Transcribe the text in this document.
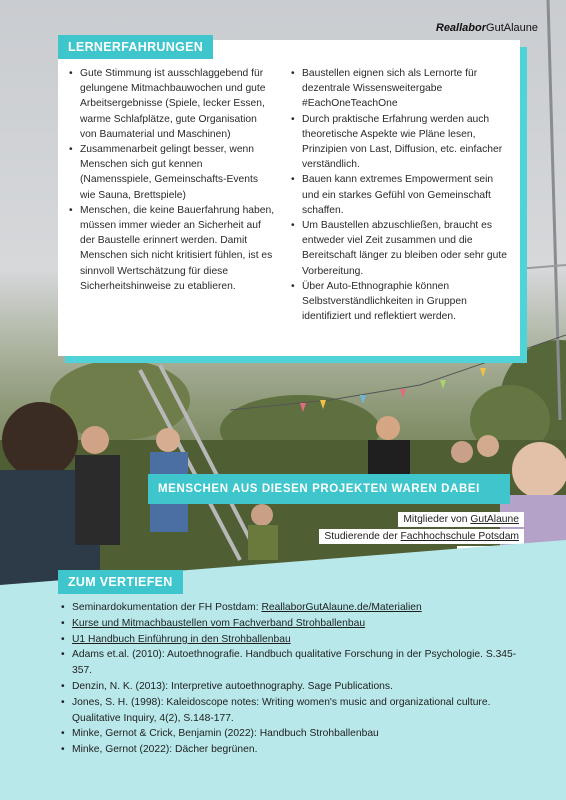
ReallaborGutAlaune
LERNERFAHRUNGEN
• Gute Stimmung ist ausschlaggebend für gelungene Mitmachbauwochen und gute Arbeitsergebnisse (Spiele, lecker Essen, warme Schlafplätze, gute Organisation von Baumaterial und Maschinen)
• Zusammenarbeit gelingt besser, wenn Menschen sich gut kennen (Namensspiele, Gemeinschafts-Events wie Sauna, Brettspiele)
• Menschen, die keine Bauerfahrung haben, müssen immer wieder an Sicherheit auf der Baustelle erinnert werden. Damit Menschen sich nicht kritisiert fühlen, ist es sinnvoll Wertschätzung für diese Sicherheitshinweise zu etablieren.
• Baustellen eignen sich als Lernorte für dezentrale Wissensweitergabe #EachOneTeachOne
• Durch praktische Erfahrung werden auch theoretische Aspekte wie Pläne lesen, Prinzipien von Last, Diffusion, etc. einfacher verständlich.
• Bauen kann extremes Empowerment sein und ein starkes Gefühl von Gemeinschaft schaffen.
• Um Baustellen abzuschließen, braucht es entweder viel Zeit zusammen und die Bereitschaft länger zu bleiben oder sehr gute Vorbereitung.
• Über Auto-Ethnographie können Selbstverständlichkeiten in Gruppen identifiziert und reflektiert werden.
MENSCHEN AUS DIESEN PROJEKTEN WAREN DABEI
Mitglieder von GutAlaune
Studierende der Fachhochschule Potsdam
ZUM VERTIEFEN
• Seminardokumentation der FH Postdam: ReallaborGutAlaune.de/Materialien
• Kurse und Mitmachbaustellen vom Fachverband Strohballenbau
• U1 Handbuch Einführung in den Strohballenbau
• Adams et.al. (2010): Autoethnografie. Handbuch qualitative Forschung in der Psychologie. S.345-357.
• Denzin, N. K. (2013): Interpretive autoethnography. Sage Publications.
• Jones, S. H. (1998): Kaleidoscope notes: Writing women's music and organizational culture. Qualitative Inquiry, 4(2), S.148-177.
• Minke, Gernot & Crick, Benjamin (2022): Handbuch Strohballenbau
• Minke, Gernot (2022): Dächer begrünen.
